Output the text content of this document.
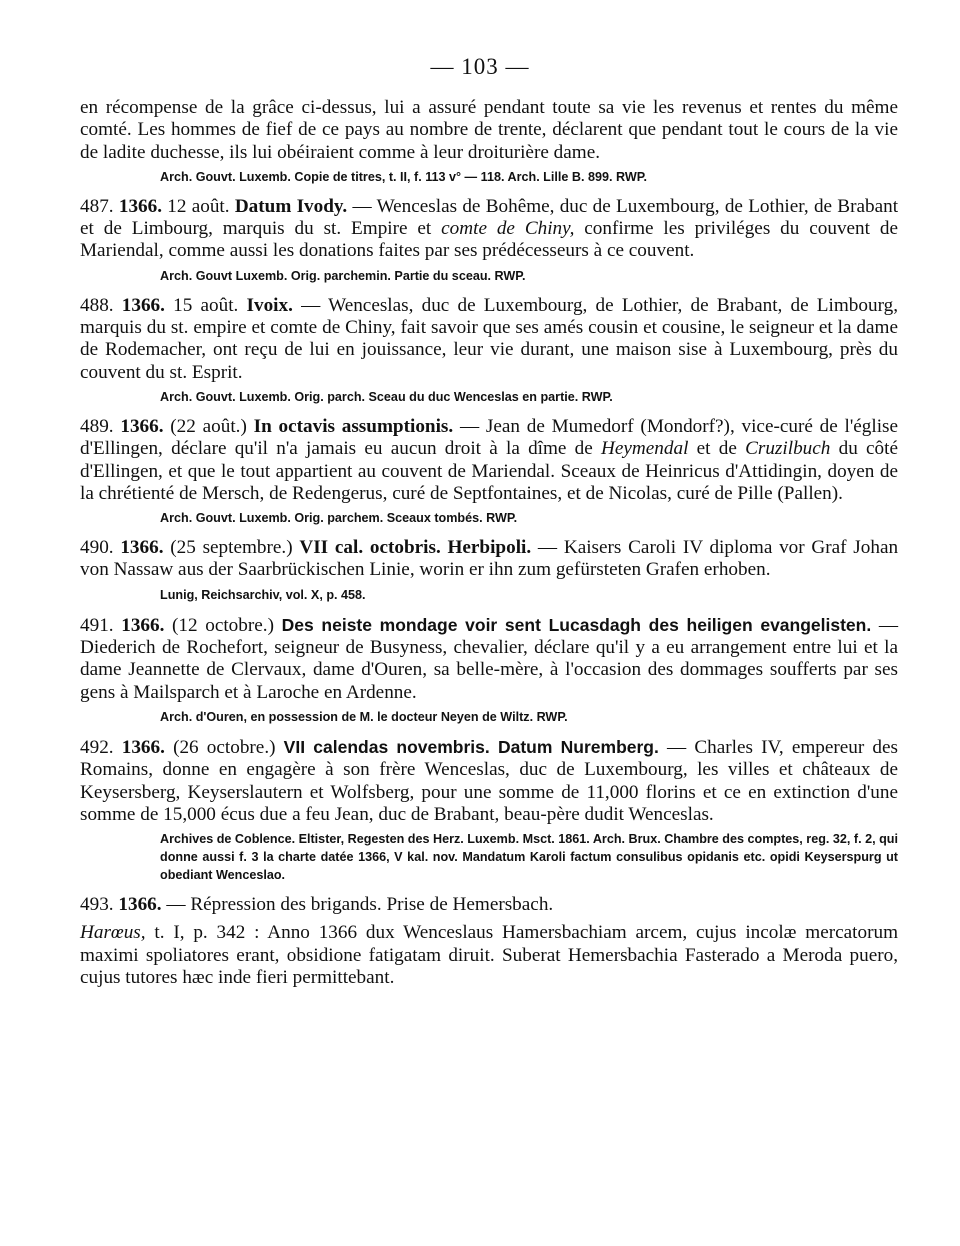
— 103 —

en récompense de la grâce ci-dessus, lui a assuré pendant toute sa vie les revenus et rentes du même comté. Les hommes de fief de ce pays au nombre de trente, déclarent que pendant tout le cours de la vie de ladite duchesse, ils lui obéiraient comme à leur droiturière dame.

Arch. Gouvt. Luxemb. Copie de titres, t. II, f. 113 v° — 118. Arch. Lille B. 899. RWP.

487. 1366. 12 août. Datum Ivody. — Wenceslas de Bohême, duc de Luxembourg, de Lothier, de Brabant et de Limbourg, marquis du st. Empire et comte de Chiny, confirme les priviléges du couvent de Mariendal, comme aussi les donations faites par ses prédécesseurs à ce couvent.

Arch. Gouvt Luxemb. Orig. parchemin. Partie du sceau. RWP.

488. 1366. 15 août. Ivoix. — Wenceslas, duc de Luxembourg, de Lothier, de Brabant, de Limbourg, marquis du st. empire et comte de Chiny, fait savoir que ses amés cousin et cousine, le seigneur et la dame de Rodemacher, ont reçu de lui en jouissance, leur vie durant, une maison sise à Luxembourg, près du couvent du st. Esprit.

Arch. Gouvt. Luxemb. Orig. parch. Sceau du duc Wenceslas en partie. RWP.

489. 1366. (22 août.) In octavis assumptionis. — Jean de Mumedorf (Mondorf?), vice-curé de l'église d'Ellingen, déclare qu'il n'a jamais eu aucun droit à la dîme de Heymendal et de Cruzilbuch du côté d'Ellingen, et que le tout appartient au couvent de Mariendal. Sceaux de Heinricus d'Attidingin, doyen de la chrétienté de Mersch, de Redengerus, curé de Septfontaines, et de Nicolas, curé de Pille (Pallen).

Arch. Gouvt. Luxemb. Orig. parchem. Sceaux tombés. RWP.

490. 1366. (25 septembre.) VII cal. octobris. Herbipoli. — Kaisers Caroli IV diploma vor Graf Johan von Nassaw aus der Saarbrückischen Linie, worin er ihn zum gefürsteten Grafen erhoben.

Lunig, Reichsarchiv, vol. X, p. 458.

491. 1366. (12 octobre.) Des neiste mondage voir sent Lucasdagh des heiligen evangelisten. — Diederich de Rochefort, seigneur de Busyness, chevalier, déclare qu'il y a eu arrangement entre lui et la dame Jeannette de Clervaux, dame d'Ouren, sa belle-mère, à l'occasion des dommages soufferts par ses gens à Mailsparch et à Laroche en Ardenne.

Arch. d'Ouren, en possession de M. le docteur Neyen de Wiltz. RWP.

492. 1366. (26 octobre.) VII calendas novembris. Datum Nuremberg. — Charles IV, empereur des Romains, donne en engagère à son frère Wenceslas, duc de Luxembourg, les villes et châteaux de Keysersberg, Keyserslautern et Wolfsberg, pour une somme de 11,000 florins et ce en extinction d'une somme de 15,000 écus due a feu Jean, duc de Brabant, beau-père dudit Wenceslas.

Archives de Coblence. Eltister, Regesten des Herz. Luxemb. Msct. 1861. Arch. Brux. Chambre des comptes, reg. 32, f. 2, qui donne aussi f. 3 la charte datée 1366, V kal. nov. Mandatum Karoli factum consulibus opidanis etc. opidi Keyserspurg ut obediant Wenceslao.

493. 1366. — Répression des brigands. Prise de Hemersbach.

Harœus, t. I, p. 342 : Anno 1366 dux Wenceslaus Hamersbachiam arcem, cujus incolæ mercatorum maximi spoliatores erant, obsidione fatigatam diruit. Suberat Hemersbachia Fasterado a Meroda puero, cujus tutores hæc inde fieri permittebant.
